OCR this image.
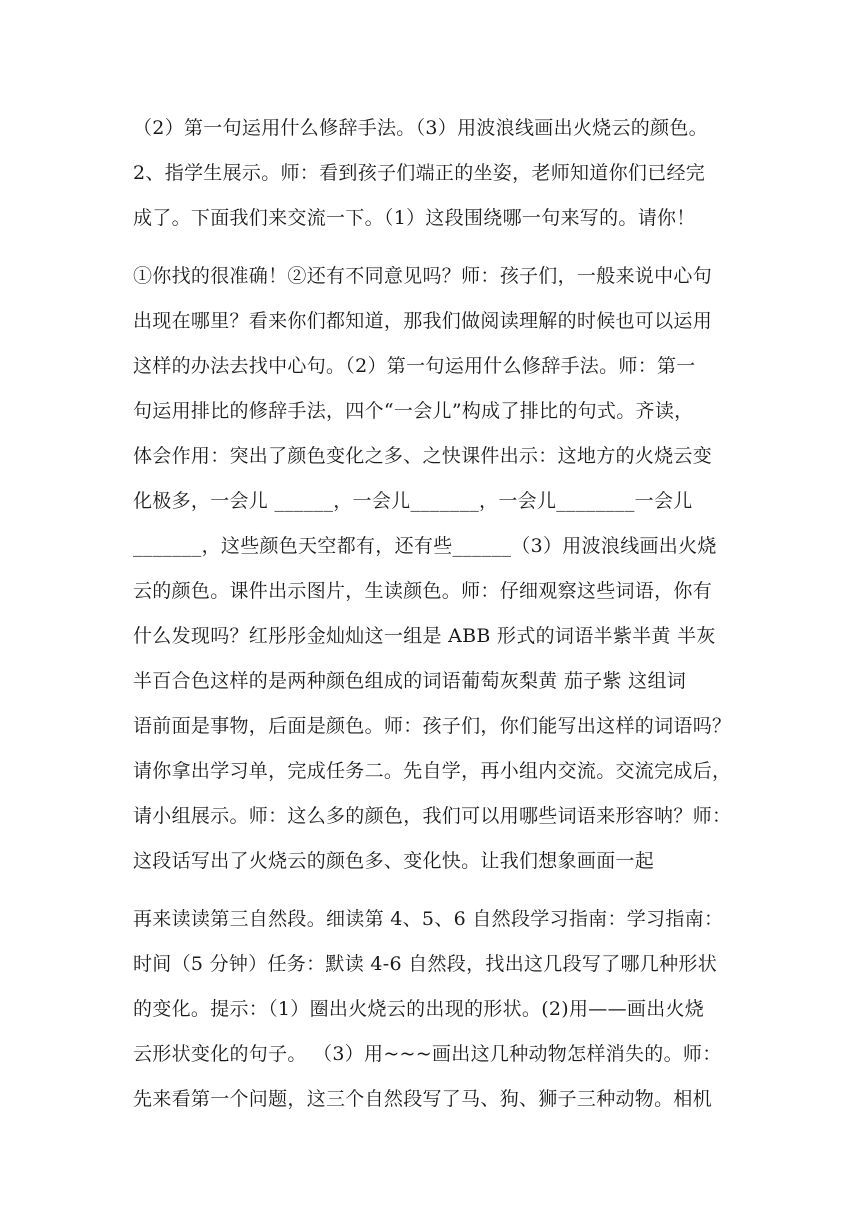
（2）第一句运用什么修辞手法。（3）用波浪线画出火烧云的颜色。
2、指学生展示。师：看到孩子们端正的坐姿，老师知道你们已经完
成了。下面我们来交流一下。（1）这段围绕哪一句来写的。请你！
①你找的很准确！②还有不同意见吗？师：孩子们，一般来说中心句
出现在哪里？看来你们都知道，那我们做阅读理解的时候也可以运用
这样的办法去找中心句。（2）第一句运用什么修辞手法。师：第一
句运用排比的修辞手法，四个“一会儿”构成了排比的句式。齐读，
体会作用：突出了颜色变化之多、之快课件出示：这地方的火烧云变
化极多，一会儿 ______，一会儿_______，一会儿________一会儿
_______，这些颜色天空都有，还有些______（3）用波浪线画出火烧
云的颜色。课件出示图片，生读颜色。师：仔细观察这些词语，你有
什么发现吗？红彤彤金灿灿这一组是 ABB 形式的词语半紫半黄 半灰
半百合色这样的是两种颜色组成的词语葡萄灰梨黄 茄子紫 这组词
语前面是事物，后面是颜色。师：孩子们，你们能写出这样的词语吗？
请你拿出学习单，完成任务二。先自学，再小组内交流。交流完成后，
请小组展示。师：这么多的颜色，我们可以用哪些词语来形容呐？师：
这段话写出了火烧云的颜色多、变化快。让我们想象画面一起
再来读读第三自然段。细读第 4、5、6 自然段学习指南：学习指南：
时间（5 分钟）任务：默读 4-6 自然段，找出这几段写了哪几种形状
的变化。提示：（1）圈出火烧云的出现的形状。(2)用——画出火烧
云形状变化的句子。 （3）用~~~画出这几种动物怎样消失的。师：
先来看第一个问题，这三个自然段写了马、狗、狮子三种动物。相机
